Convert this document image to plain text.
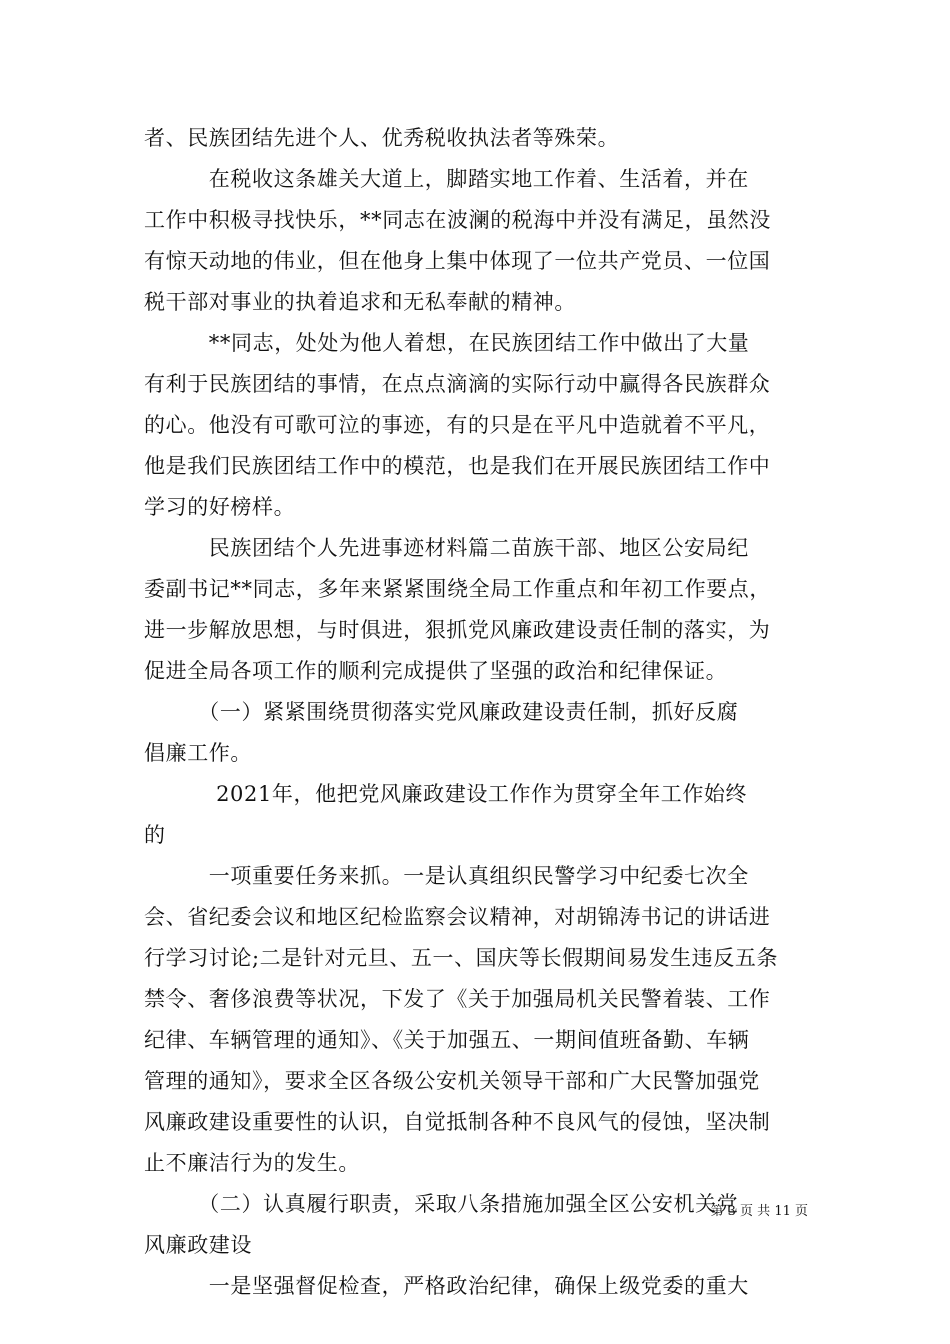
者、民族团结先进个人、优秀税收执法者等殊荣。
　　　在税收这条雄关大道上，脚踏实地工作着、生活着，并在
工作中积极寻找快乐，**同志在波澜的税海中并没有满足，虽然没
有惊天动地的伟业，但在他身上集中体现了一位共产党员、一位国
税干部对事业的执着追求和无私奉献的精神。
　　　**同志，处处为他人着想，在民族团结工作中做出了大量
有利于民族团结的事情，在点点滴滴的实际行动中赢得各民族群众
的心。他没有可歌可泣的事迹，有的只是在平凡中造就着不平凡，
他是我们民族团结工作中的模范，也是我们在开展民族团结工作中
学习的好榜样。
　　　民族团结个人先进事迹材料篇二苗族干部、地区公安局纪
委副书记**同志，多年来紧紧围绕全局工作重点和年初工作要点，
进一步解放思想，与时俱进，狠抓党风廉政建设责任制的落实，为
促进全局各项工作的顺利完成提供了坚强的政治和纪律保证。
　　　（一）紧紧围绕贯彻落实党风廉政建设责任制，抓好反腐
倡廉工作。
　　　 2021年，他把党风廉政建设工作作为贯穿全年工作始终
的
　　　一项重要任务来抓。一是认真组织民警学习中纪委七次全
会、省纪委会议和地区纪检监察会议精神，对胡锦涛书记的讲话进
行学习讨论;二是针对元旦、五一、国庆等长假期间易发生违反五条
禁令、奢侈浪费等状况，下发了《关于加强局机关民警着装、工作
纪律、车辆管理的通知》、《关于加强五、一期间值班备勤、车辆
管理的通知》，要求全区各级公安机关领导干部和广大民警加强党
风廉政建设重要性的认识，自觉抵制各种不良风气的侵蚀，坚决制
止不廉洁行为的发生。
　　　（二）认真履行职责，采取八条措施加强全区公安机关党
风廉政建设
　　　一是坚强督促检查，严格政治纪律，确保上级党委的重大
第 3 页 共 11 页
